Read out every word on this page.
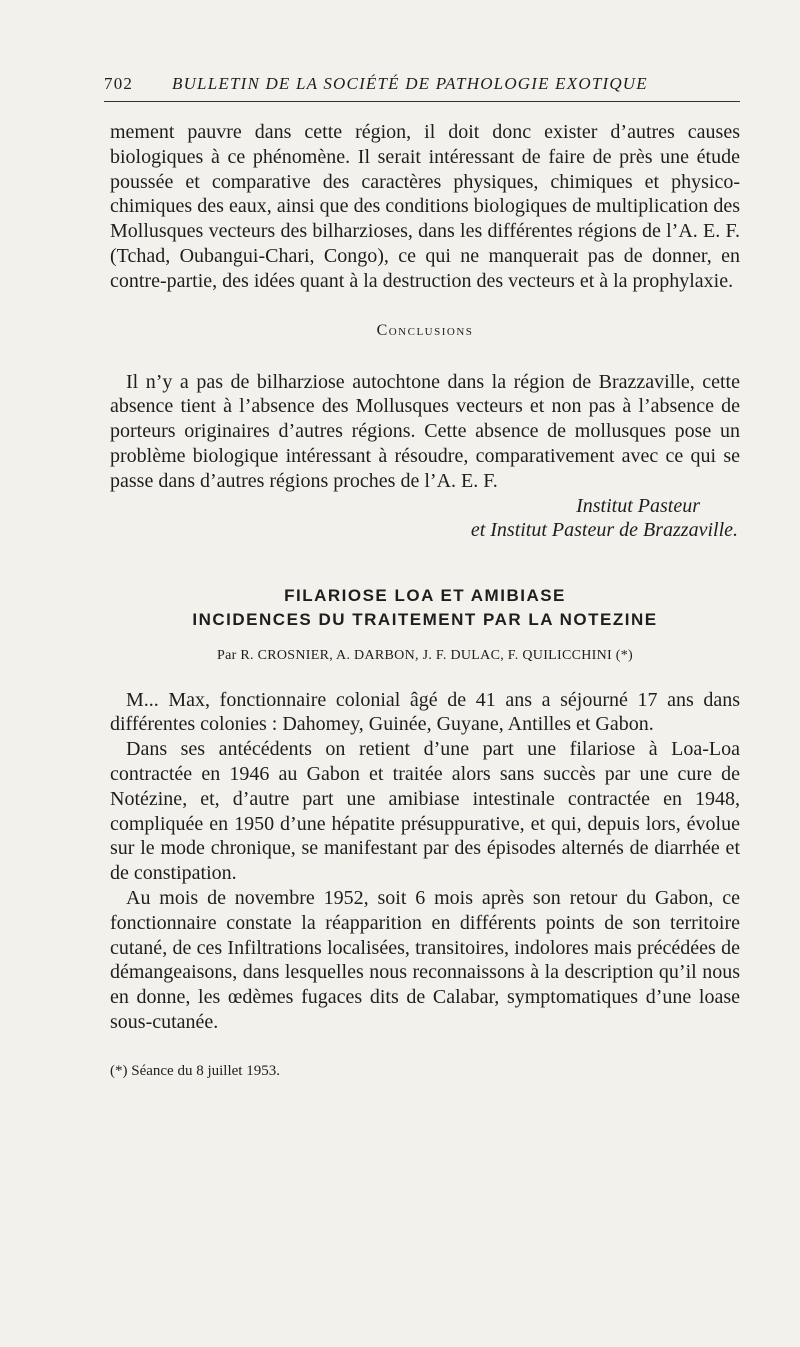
702 BULLETIN DE LA SOCIÉTÉ DE PATHOLOGIE EXOTIQUE

mement pauvre dans cette région, il doit donc exister d’autres causes biologiques à ce phénomène. Il serait intéressant de faire de près une étude poussée et comparative des caractères physiques, chimiques et physico-chimiques des eaux, ainsi que des conditions biologiques de multiplication des Mollusques vecteurs des bilharzioses, dans les différentes régions de l’A. E. F. (Tchad, Oubangui-Chari, Congo), ce qui ne manquerait pas de donner, en contre-partie, des idées quant à la destruction des vecteurs et à la prophylaxie.

Conclusions

Il n’y a pas de bilharziose autochtone dans la région de Brazzaville, cette absence tient à l’absence des Mollusques vecteurs et non pas à l’absence de porteurs originaires d’autres régions. Cette absence de mollusques pose un problème biologique intéressant à résoudre, comparativement avec ce qui se passe dans d’autres régions proches de l’A. E. F.

Institut Pasteur
et Institut Pasteur de Brazzaville.
FILARIOSE LOA ET AMIBIASE
INCIDENCES DU TRAITEMENT PAR LA NOTEZINE
Par R. CROSNIER, A. DARBON, J. F. DULAC, F. QUILICCHINI (*)

M... Max, fonctionnaire colonial âgé de 41 ans a séjourné 17 ans dans différentes colonies : Dahomey, Guinée, Guyane, Antilles et Gabon.

Dans ses antécédents on retient d’une part une filariose à Loa-Loa contractée en 1946 au Gabon et traitée alors sans succès par une cure de Notézine, et, d’autre part une amibiase intestinale contractée en 1948, compliquée en 1950 d’une hépatite présuppurative, et qui, depuis lors, évolue sur le mode chronique, se manifestant par des épisodes alternés de diarrhée et de constipation.

Au mois de novembre 1952, soit 6 mois après son retour du Gabon, ce fonctionnaire constate la réapparition en différents points de son territoire cutané, de ces Infiltrations localisées, transitoires, indolores mais précédées de démangeaisons, dans lesquelles nous reconnaissons à la description qu’il nous en donne, les œdèmes fugaces dits de Calabar, symptomatiques d’une loase sous-cutanée.

(*) Séance du 8 juillet 1953.
